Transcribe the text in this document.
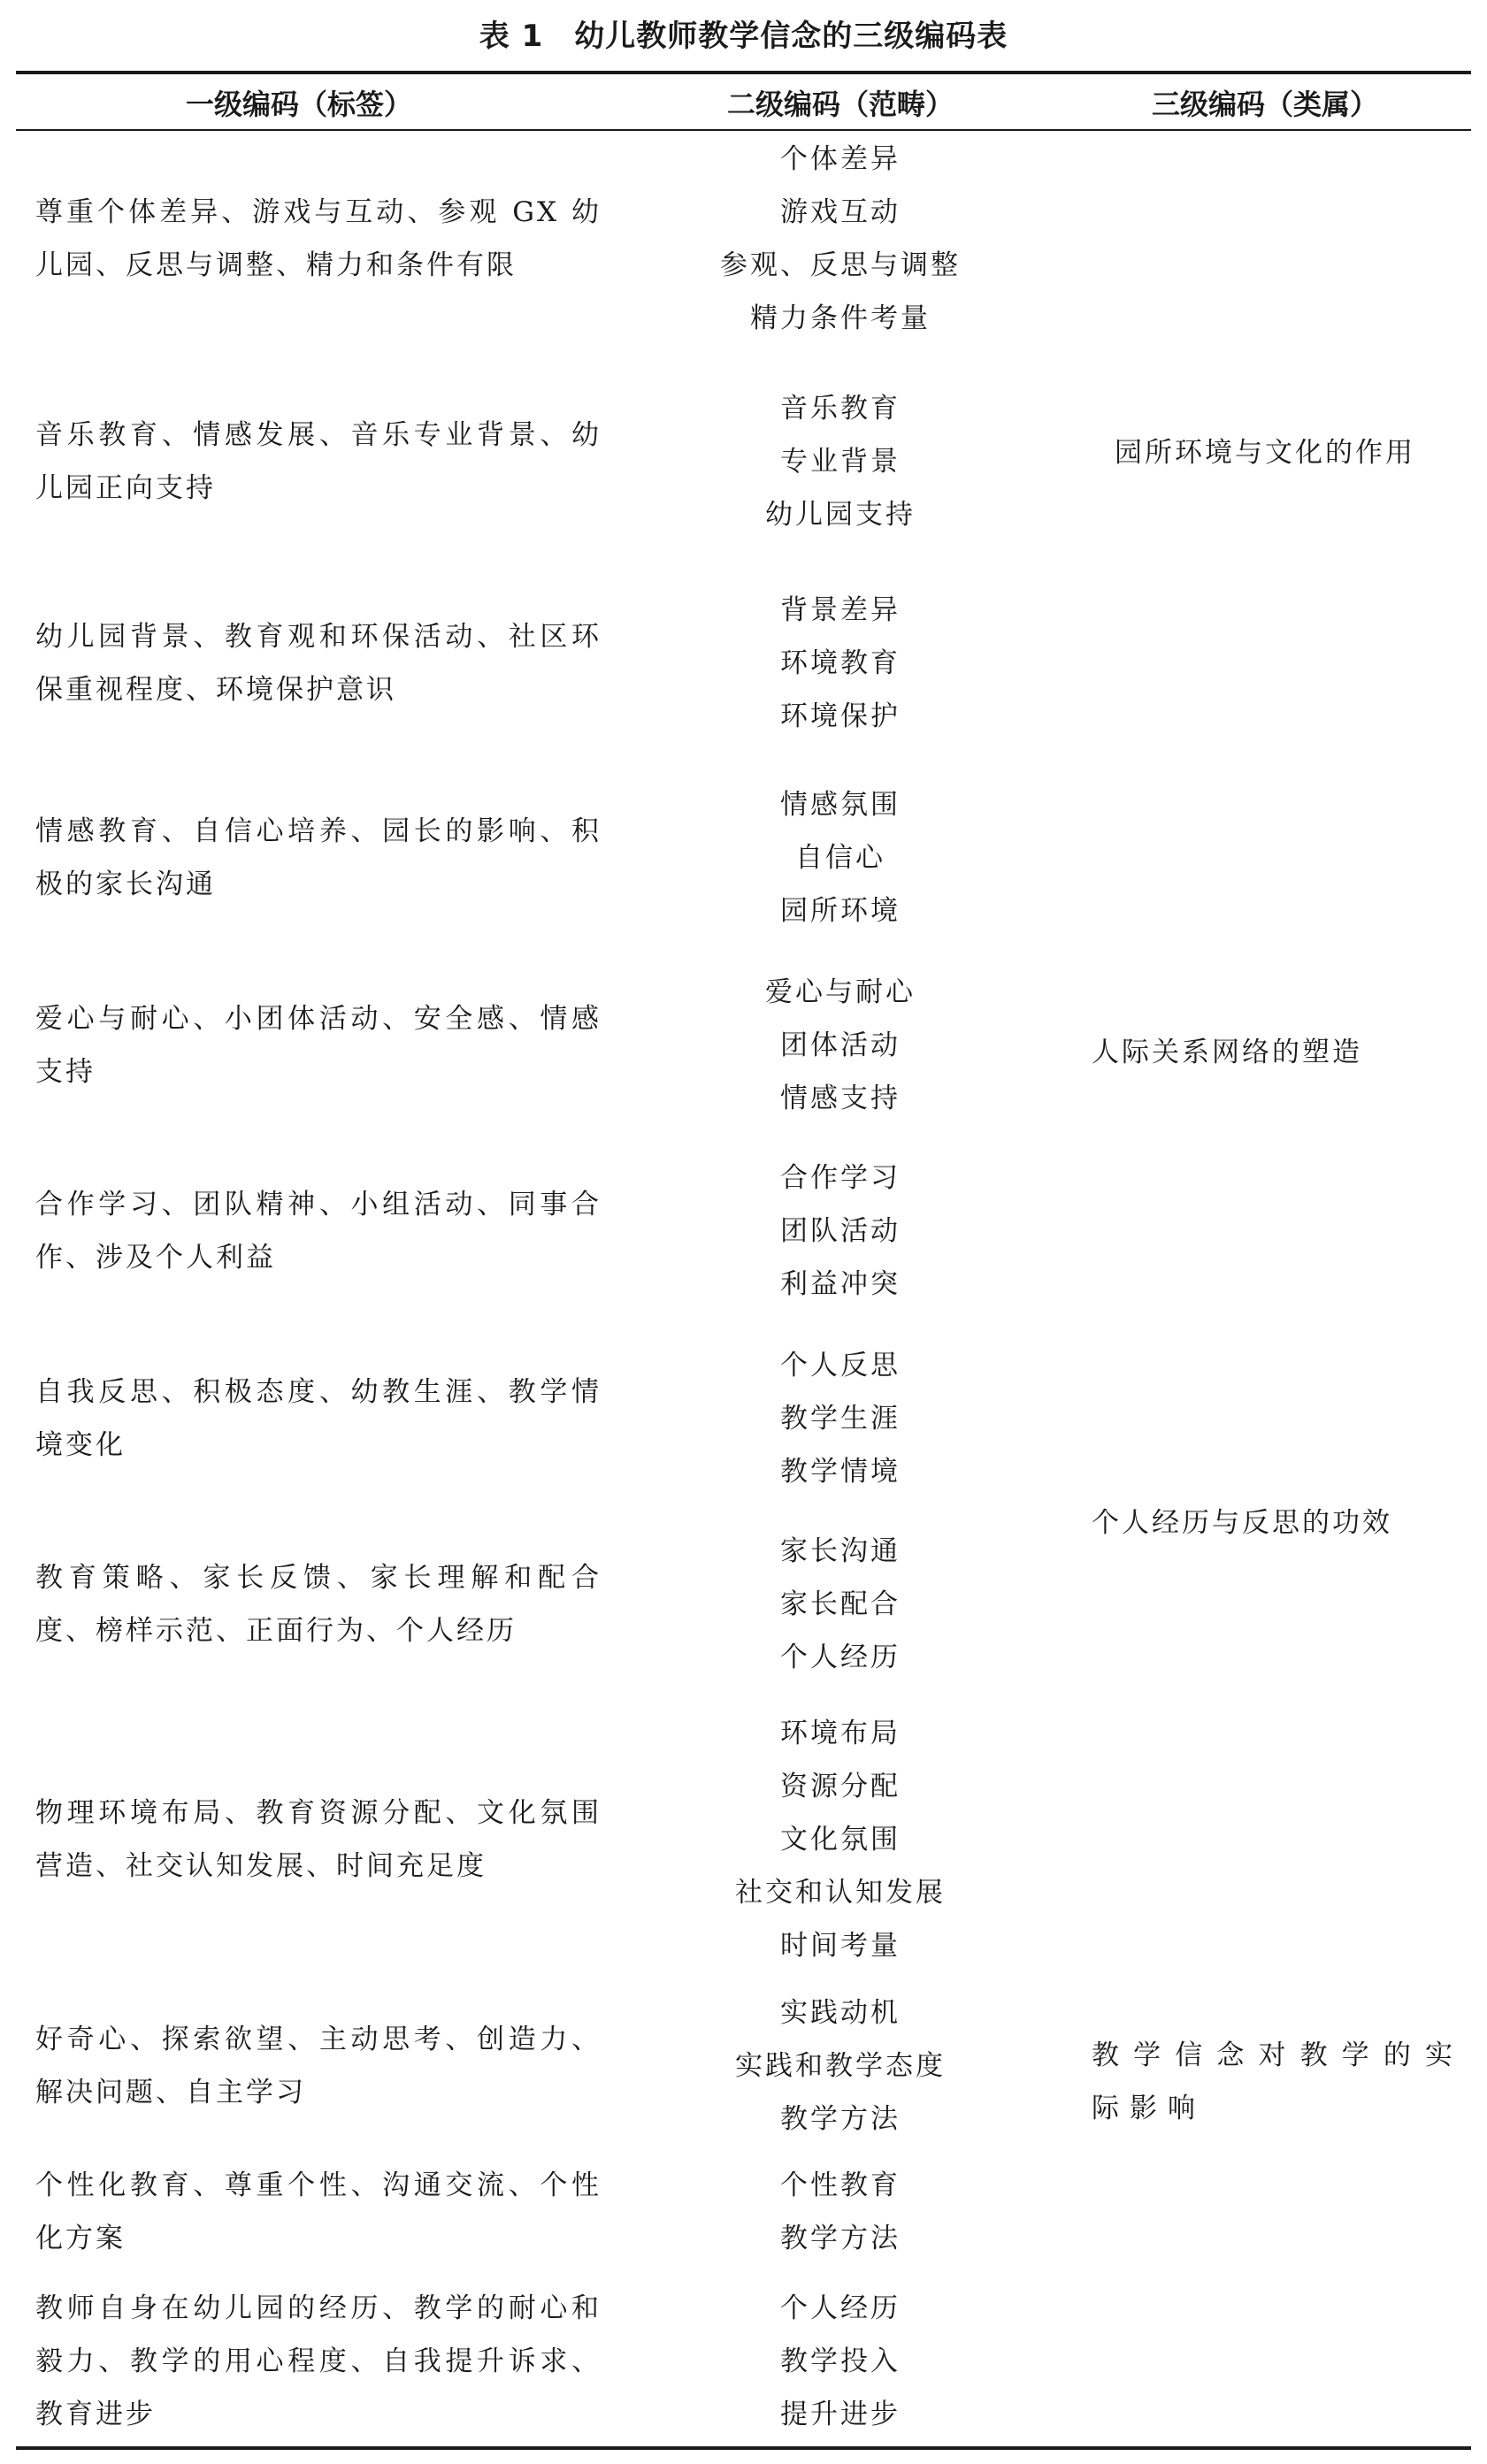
表 1　幼儿教师教学信念的三级编码表
一级编码（标签）	二级编码（范畴）	三级编码（类属）
尊重个体差异、游戏与互动、参观 GX 幼儿园、反思与调整、精力和条件有限
个体差异
游戏互动
参观、反思与调整
精力条件考量
音乐教育、情感发展、音乐专业背景、幼儿园正向支持
音乐教育
专业背景
幼儿园支持
幼儿园背景、教育观和环保活动、社区环保重视程度、环境保护意识
背景差异
环境教育
环境保护
情感教育、自信心培养、园长的影响、积极的家长沟通
情感氛围
自信心
园所环境
爱心与耐心、小团体活动、安全感、情感支持
爱心与耐心
团体活动
情感支持
合作学习、团队精神、小组活动、同事合作、涉及个人利益
合作学习
团队活动
利益冲突
自我反思、积极态度、幼教生涯、教学情境变化
个人反思
教学生涯
教学情境
教育策略、家长反馈、家长理解和配合度、榜样示范、正面行为、个人经历
家长沟通
家长配合
个人经历
物理环境布局、教育资源分配、文化氛围营造、社交认知发展、时间充足度
环境布局
资源分配
文化氛围
社交和认知发展
时间考量
好奇心、探索欲望、主动思考、创造力、解决问题、自主学习
实践动机
实践和教学态度
教学方法
个性化教育、尊重个性、沟通交流、个性化方案
个性教育
教学方法
教师自身在幼儿园的经历、教学的耐心和毅力、教学的用心程度、自我提升诉求、教育进步
个人经历
教学投入
提升进步
园所环境与文化的作用
人际关系网络的塑造
个人经历与反思的功效
教学信念对教学的实际影响
